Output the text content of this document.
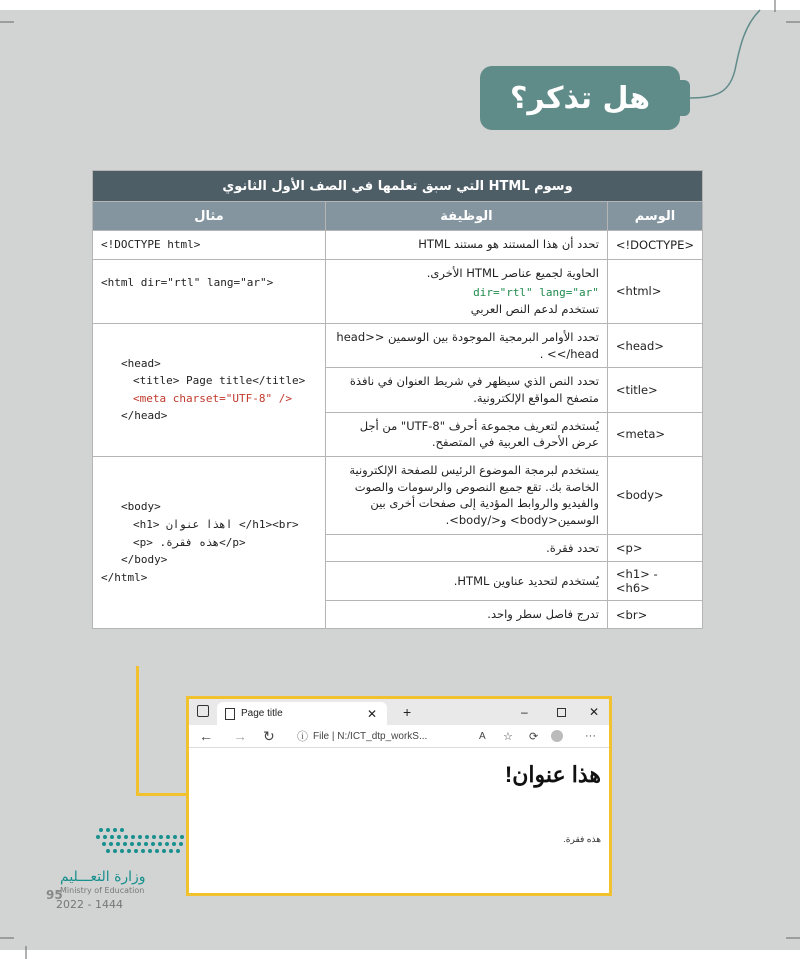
هل تذكر؟
وسوم HTML التي سبق تعلمها في الصف الأول الثانوي		
الوسم	الوظيفة	مثال
<!DOCTYPE>	تحدد أن هذا المستند هو مستند HTML	<!DOCTYPE html>
<html>	الحاوية لجميع عناصر HTML الأخرى.
dir="rtl" lang="ar"
تستخدم لدعم النص العربي	<html dir="rtl" lang="ar">
<head>	تحدد الأوامر البرمجية الموجودة بين الوسمين <head> </head> .	<head>
<title> Page title</title>
<meta charset="UTF-8" />
</head>

<title>	تحدد النص الذي سيظهر في شريط العنوان في نافذة متصفح المواقع الإلكترونية.	
<meta>	يُستخدم لتعريف مجموعة أحرف "UTF-8" من أجل عرض الأحرف العربية في المتصفح.	
<body>	يستخدم لبرمجة الموضوع الرئيس للصفحة الإلكترونية الخاصة بك. تقع جميع النصوص والرسومات والصوت والفيديو والروابط المؤدية إلى صفحات أخرى بين الوسمين<body> و</body>.	<body>
<h1> اهذا عنوان </h1><br>
<p> .هذه فقرة</p>
</body>
</html>

<p>	تحدد فقرة.	
<h1> - <h6>	يُستخدم لتحديد عناوين HTML.	
<br>	تدرج فاصل سطر واحد.	
Page title	✕ +	–	✕
← → ↻ ⓘ File | N:/ICT_dtp_workS...	A ☆ ⟳	···
هذا عنوان!
هذه فقرة.
وزارة التعـــليم
Ministry of Education
95
2022 - 1444
